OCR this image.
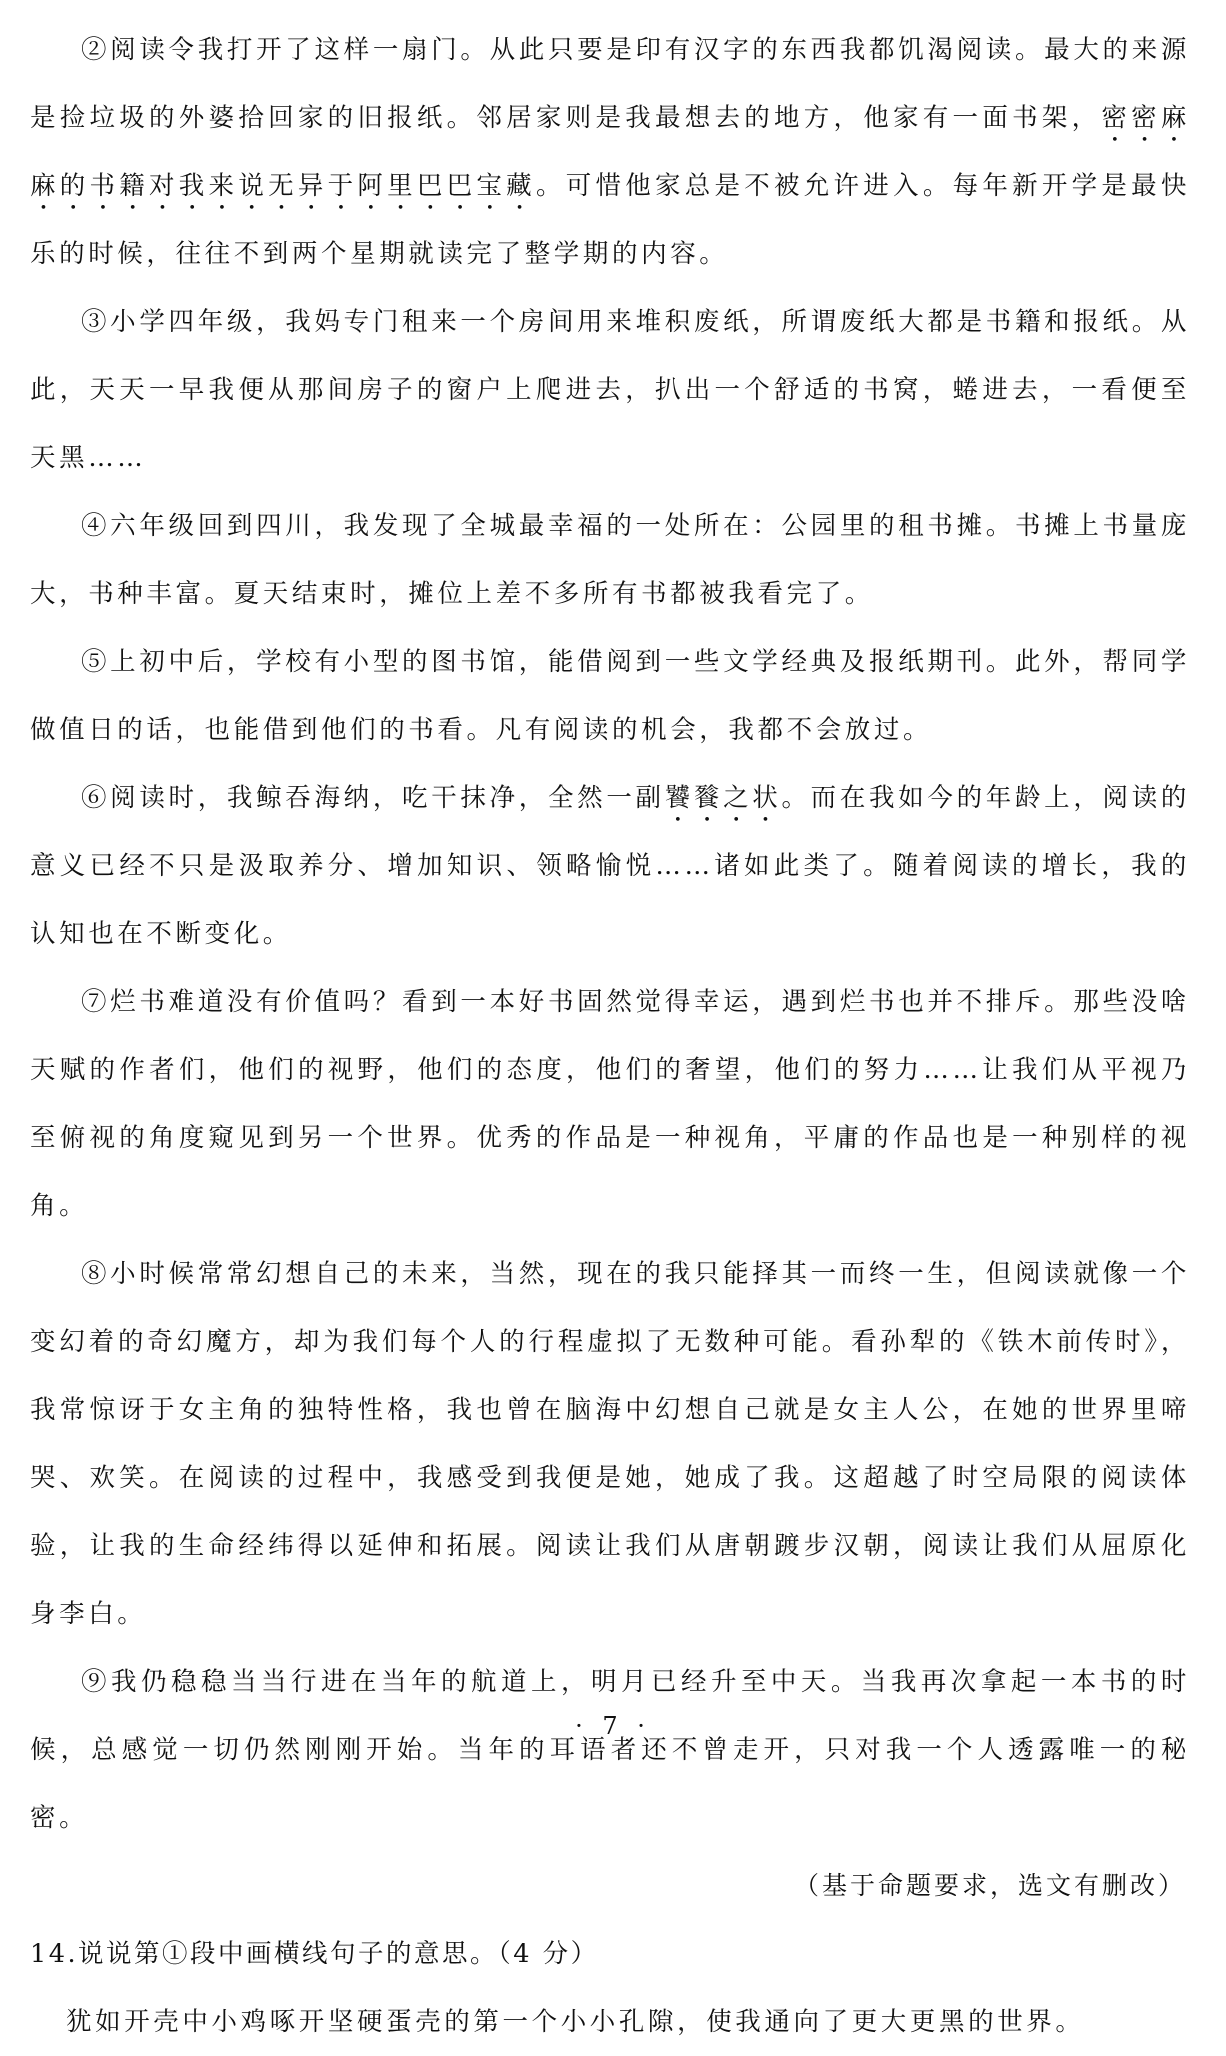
②阅读令我打开了这样一扇门。从此只要是印有汉字的东西我都饥渴阅读。最大的来源是捡垃圾的外婆拾回家的旧报纸。邻居家则是我最想去的地方，他家有一面书架，密密麻麻的书籍对我来说无异于阿里巴巴宝藏。可惜他家总是不被允许进入。每年新开学是最快乐的时候，往往不到两个星期就读完了整学期的内容。

③小学四年级，我妈专门租来一个房间用来堆积废纸，所谓废纸大都是书籍和报纸。从此，天天一早我便从那间房子的窗户上爬进去，扒出一个舒适的书窝，蜷进去，一看便至天黑……

④六年级回到四川，我发现了全城最幸福的一处所在：公园里的租书摊。书摊上书量庞大，书种丰富。夏天结束时，摊位上差不多所有书都被我看完了。

⑤上初中后，学校有小型的图书馆，能借阅到一些文学经典及报纸期刊。此外，帮同学做值日的话，也能借到他们的书看。凡有阅读的机会，我都不会放过。

⑥阅读时，我鲸吞海纳，吃干抹净，全然一副饕餮之状。而在我如今的年龄上，阅读的意义已经不只是汲取养分、增加知识、领略愉悦……诸如此类了。随着阅读的增长，我的认知也在不断变化。

⑦烂书难道没有价值吗？看到一本好书固然觉得幸运，遇到烂书也并不排斥。那些没啥天赋的作者们，他们的视野，他们的态度，他们的奢望，他们的努力……让我们从平视乃至俯视的角度窥见到另一个世界。优秀的作品是一种视角，平庸的作品也是一种别样的视角。

⑧小时候常常幻想自己的未来，当然，现在的我只能择其一而终一生，但阅读就像一个变幻着的奇幻魔方，却为我们每个人的行程虚拟了无数种可能。看孙犁的《铁木前传时》，我常惊讶于女主角的独特性格，我也曾在脑海中幻想自己就是女主人公，在她的世界里啼哭、欢笑。在阅读的过程中，我感受到我便是她，她成了我。这超越了时空局限的阅读体验，让我的生命经纬得以延伸和拓展。阅读让我们从唐朝踱步汉朝，阅读让我们从屈原化身李白。

⑨我仍稳稳当当行进在当年的航道上，明月已经升至中天。当我再次拿起一本书的时候，总感觉一切仍然刚刚开始。当年的耳语者还不曾走开，只对我一个人透露唯一的秘密。

（基于命题要求，选文有删改）

14.说说第①段中画横线句子的意思。（4 分）

犹如开壳中小鸡啄开坚硬蛋壳的第一个小小孔隙，使我通向了更大更黑的世界。

· 7 ·
